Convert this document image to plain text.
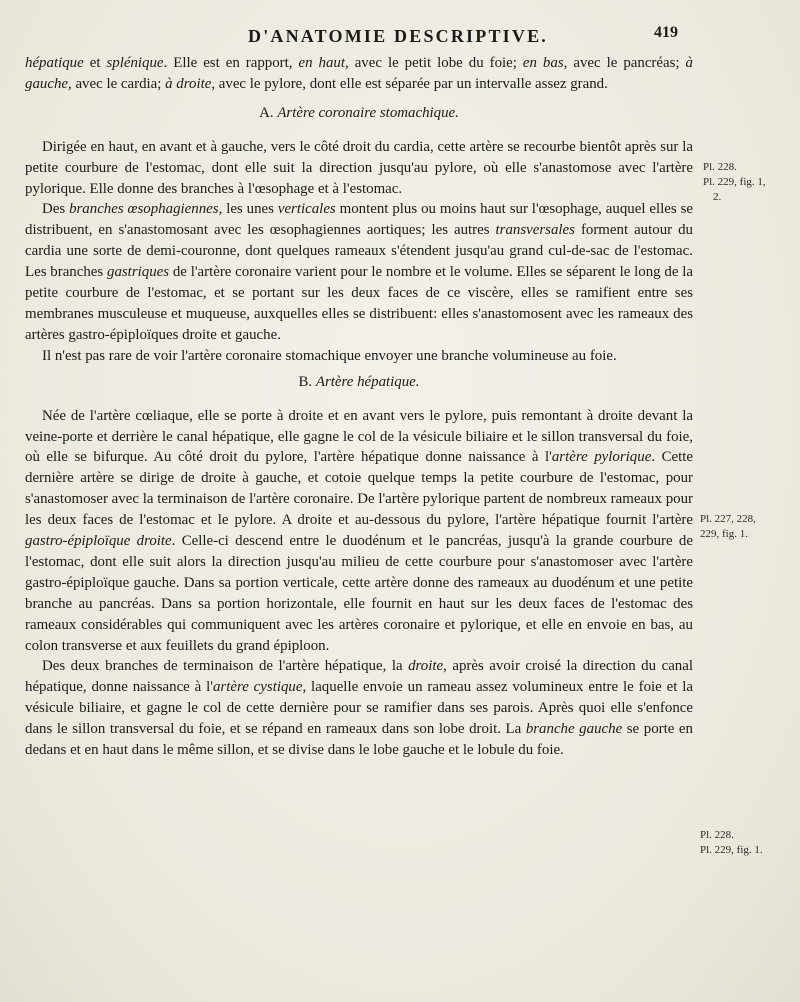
D'ANATOMIE DESCRIPTIVE.	419

hépatique et splénique. Elle est en rapport, en haut, avec le petit lobe du foie; en bas, avec le pancréas; à gauche, avec le cardia; à droite, avec le pylore, dont elle est séparée par un intervalle assez grand.

A. Artère coronaire stomachique.

Dirigée en haut, en avant et à gauche, vers le côté droit du cardia, cette artère se recourbe bientôt après sur la petite courbure de l'estomac, dont elle suit la direction jusqu'au pylore, où elle s'anastomose avec l'artère pylorique. Elle donne des branches à l'œsophage et à l'estomac.

Des branches œsophagiennes, les unes verticales montent plus ou moins haut sur l'œsophage, auquel elles se distribuent, en s'anastomosant avec les œsophagiennes aortiques; les autres transversales forment autour du cardia une sorte de demi-couronne, dont quelques rameaux s'étendent jusqu'au grand cul-de-sac de l'estomac. Les branches gastriques de l'artère coronaire varient pour le nombre et le volume. Elles se séparent le long de la petite courbure de l'estomac, et se portant sur les deux faces de ce viscère, elles se ramifient entre ses membranes musculeuse et muqueuse, auxquelles elles se distribuent: elles s'anastomosent avec les rameaux des artères gastro-épiploïques droite et gauche.

Il n'est pas rare de voir l'artère coronaire stomachique envoyer une branche volumineuse au foie.

B. Artère hépatique.

Née de l'artère cœliaque, elle se porte à droite et en avant vers le pylore, puis remontant à droite devant la veine-porte et derrière le canal hépatique, elle gagne le col de la vésicule biliaire et le sillon transversal du foie, où elle se bifurque. Au côté droit du pylore, l'artère hépatique donne naissance à l'artère pylorique. Cette dernière artère se dirige de droite à gauche, et cotoie quelque temps la petite courbure de l'estomac, pour s'anastomoser avec la terminaison de l'artère coronaire. De l'artère pylorique partent de nombreux rameaux pour les deux faces de l'estomac et le pylore. A droite et au-dessous du pylore, l'artère hépatique fournit l'artère gastro-épiploïque droite. Celle-ci descend entre le duodénum et le pancréas, jusqu'à la grande courbure de l'estomac, dont elle suit alors la direction jusqu'au milieu de cette courbure pour s'anastomoser avec l'artère gastro-épiploïque gauche. Dans sa portion verticale, cette artère donne des rameaux au duodénum et une petite branche au pancréas. Dans sa portion horizontale, elle fournit en haut sur les deux faces de l'estomac des rameaux considérables qui communiquent avec les artères coronaire et pylorique, et elle en envoie en bas, au colon transverse et aux feuillets du grand épiploon.

Des deux branches de terminaison de l'artère hépatique, la droite, après avoir croisé la direction du canal hépatique, donne naissance à l'artère cystique, laquelle envoie un rameau assez volumineux entre le foie et la vésicule biliaire, et gagne le col de cette dernière pour se ramifier dans ses parois. Après quoi elle s'enfonce dans le sillon transversal du foie, et se répand en rameaux dans son lobe droit. La branche gauche se porte en dedans et en haut dans le même sillon, et se divise dans le lobe gauche et le lobule du foie.

Pl. 228.
Pl. 229, fig. 1,
2.
Pl. 227, 228,
229, fig. 1.
Pl. 228.
Pl. 229, fig. 1.
